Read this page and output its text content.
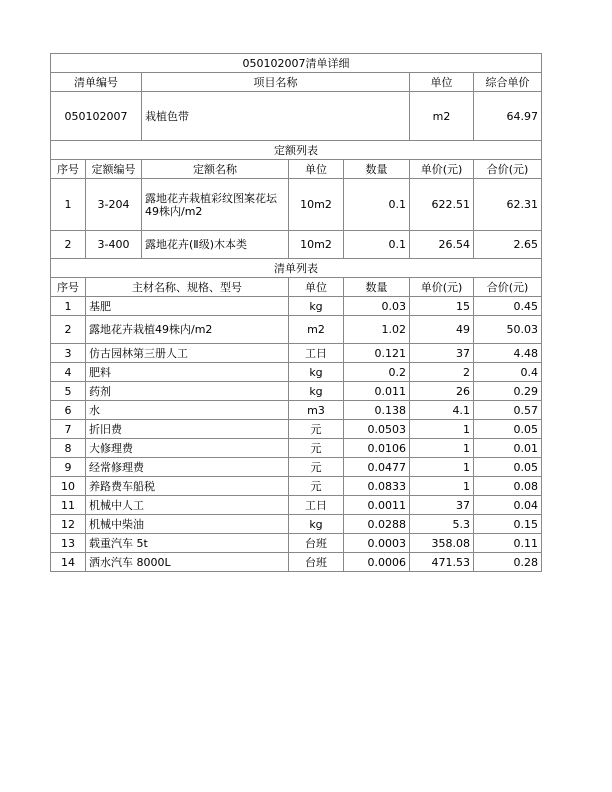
050102007清单详细						
清单编号		项目名称			单位	综合单价
050102007		栽植色带			m2	64.97
定额列表						
序号	定额编号	定额名称	单位	数量	单价(元)	合价(元)
1	3-204	露地花卉栽植彩纹图案花坛 49株内/m2	10m2	0.1	622.51	62.31
2	3-400	露地花卉(Ⅱ级)木本类	10m2	0.1	26.54	2.65
清单列表						
序号	主材名称、规格、型号		单位	数量	单价(元)	合价(元)
1	基肥		kg	0.03	15	0.45
2	露地花卉栽植49株内/m2		m2	1.02	49	50.03
3	仿古园林第三册人工		工日	0.121	37	4.48
4	肥料		kg	0.2	2	0.4
5	药剂		kg	0.011	26	0.29
6	水		m3	0.138	4.1	0.57
7	折旧费		元	0.0503	1	0.05
8	大修理费		元	0.0106	1	0.01
9	经常修理费		元	0.0477	1	0.05
10	养路费车船税		元	0.0833	1	0.08
11	机械中人工		工日	0.0011	37	0.04
12	机械中柴油		kg	0.0288	5.3	0.15
13	载重汽车 5t		台班	0.0003	358.08	0.11
14	洒水汽车 8000L		台班	0.0006	471.53	0.28
